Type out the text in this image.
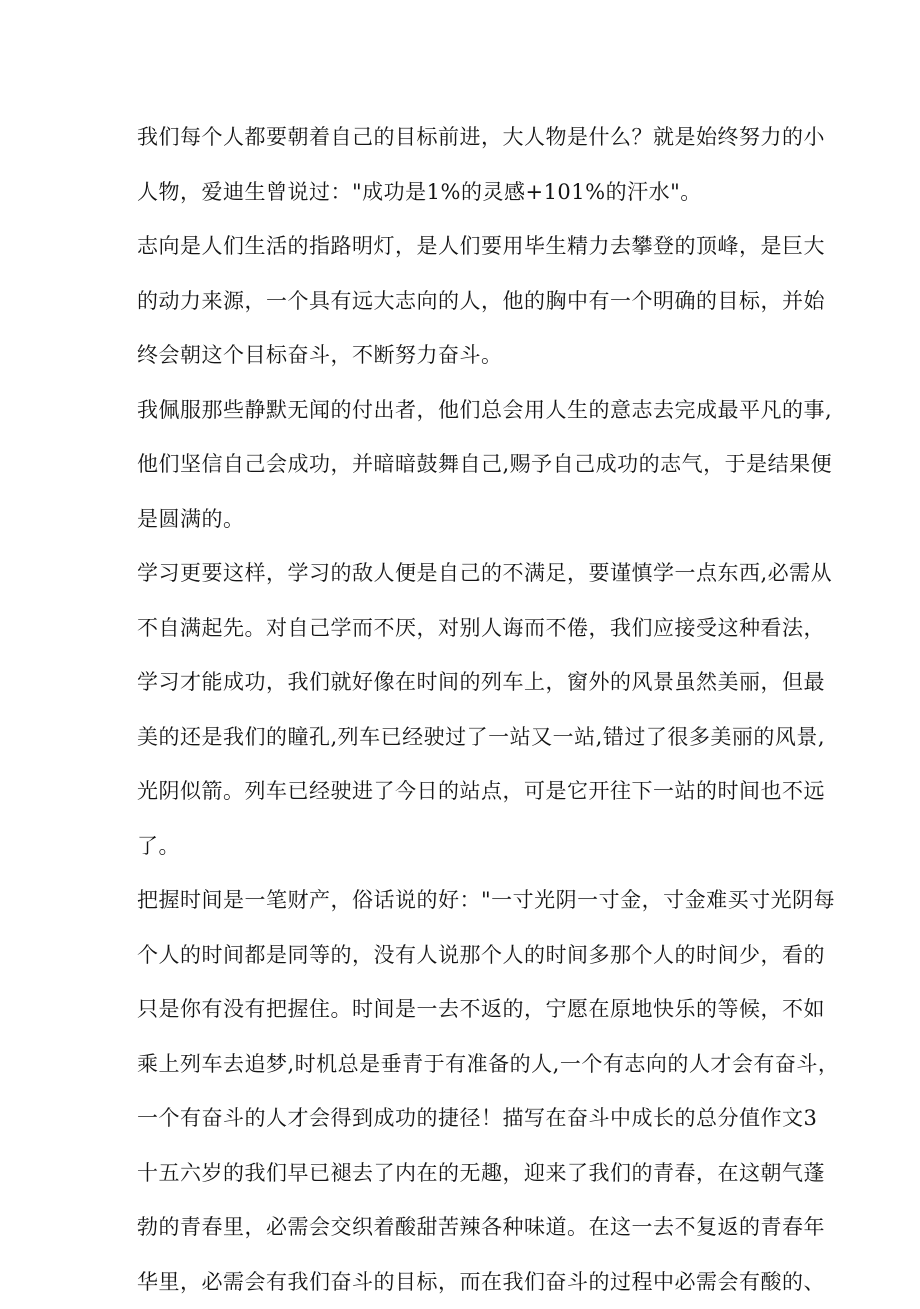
我们每个人都要朝着自己的目标前进，大人物是什么？就是始终努力的小
人物，爱迪生曾说过："成功是1%的灵感+101%的汗水"。
志向是人们生活的指路明灯，是人们要用毕生精力去攀登的顶峰，是巨大
的动力来源，一个具有远大志向的人，他的胸中有一个明确的目标，并始
终会朝这个目标奋斗，不断努力奋斗。
我佩服那些静默无闻的付出者，他们总会用人生的意志去完成最平凡的事,
他们坚信自己会成功，并暗暗鼓舞自己,赐予自己成功的志气，于是结果便
是圆满的。
学习更要这样，学习的敌人便是自己的不满足，要谨慎学一点东西,必需从
不自满起先。对自己学而不厌，对别人诲而不倦，我们应接受这种看法，
学习才能成功，我们就好像在时间的列车上，窗外的风景虽然美丽，但最
美的还是我们的瞳孔,列车已经驶过了一站又一站,错过了很多美丽的风景,
光阴似箭。列车已经驶进了今日的站点，可是它开往下一站的时间也不远
了。
把握时间是一笔财产，俗话说的好："一寸光阴一寸金，寸金难买寸光阴每
个人的时间都是同等的，没有人说那个人的时间多那个人的时间少，看的
只是你有没有把握住。时间是一去不返的，宁愿在原地快乐的等候，不如
乘上列车去追梦,时机总是垂青于有准备的人,一个有志向的人才会有奋斗，
一个有奋斗的人才会得到成功的捷径！描写在奋斗中成长的总分值作文3
十五六岁的我们早已褪去了内在的无趣，迎来了我们的青春，在这朝气蓬
勃的青春里，必需会交织着酸甜苦辣各种味道。在这一去不复返的青春年
华里，必需会有我们奋斗的目标，而在我们奋斗的过程中必需会有酸的、
